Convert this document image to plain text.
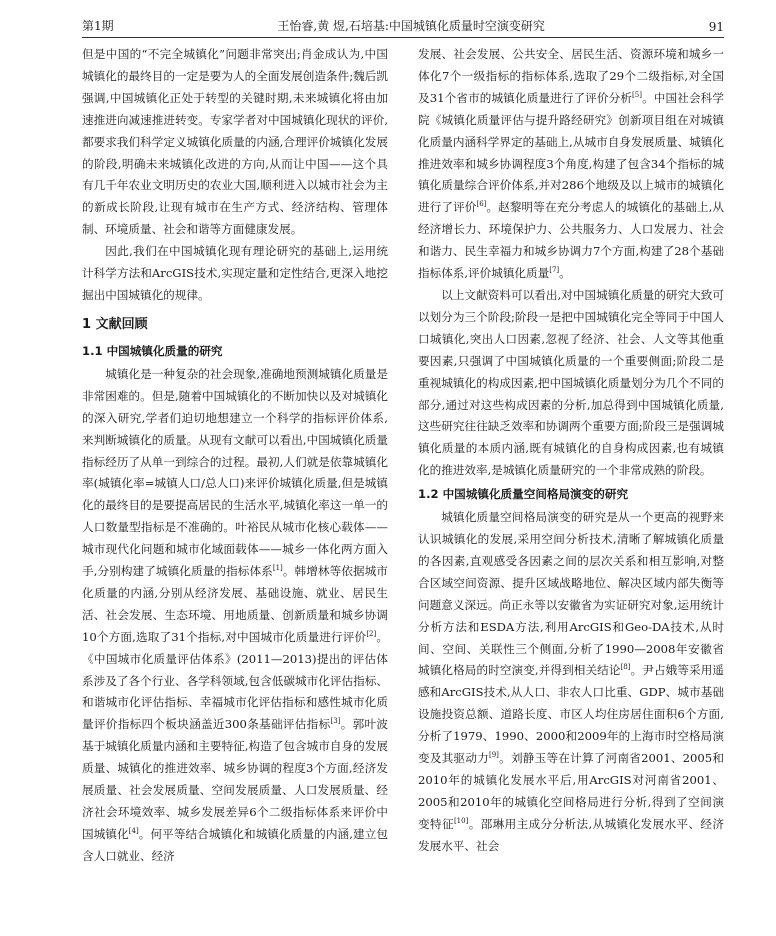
第1期	王怡睿,黄 煜,石培基:中国城镇化质量时空演变研究	91

但是中国的“不完全城镇化”问题非常突出;肖金成认为,中国城镇化的最终目的一定是要为人的全面发展创造条件;魏后凯强调,中国城镇化正处于转型的关键时期,未来城镇化将由加速推进向减速推进转变。专家学者对中国城镇化现状的评价,都要求我们科学定义城镇化质量的内涵,合理评价城镇化发展的阶段,明确未来城镇化改进的方向,从而让中国——这个具有几千年农业文明历史的农业大国,顺利进入以城市社会为主的新成长阶段,让现有城市在生产方式、经济结构、管理体制、环境质量、社会和谐等方面健康发展。

因此,我们在中国城镇化现有理论研究的基础上,运用统计科学方法和ArcGIS技术,实现定量和定性结合,更深入地挖掘出中国城镇化的规律。

1 文献回顾
1.1 中国城镇化质量的研究

城镇化是一种复杂的社会现象,准确地预测城镇化质量是非常困难的。但是,随着中国城镇化的不断加快以及对城镇化的深入研究,学者们迫切地想建立一个科学的指标评价体系,来判断城镇化的质量。从现有文献可以看出,中国城镇化质量指标经历了从单一到综合的过程。最初,人们就是依靠城镇化率(城镇化率=城镇人口/总人口)来评价城镇化质量,但是城镇化的最终目的是要提高居民的生活水平,城镇化率这一单一的人口数量型指标是不准确的。叶裕民从城市化核心载体——城市现代化问题和城市化域面载体——城乡一体化两方面入手,分别构建了城镇化质量的指标体系[1]。韩增林等依据城市化质量的内涵,分别从经济发展、基础设施、就业、居民生活、社会发展、生态环境、用地质量、创新质量和城乡协调10个方面,选取了31个指标,对中国城市化质量进行评价[2]。《中国城市化质量评估体系》(2011—2013)提出的评估体系涉及了各个行业、各学科领域,包含低碳城市化评估指标、和谐城市化评估指标、幸福城市化评估指标和感性城市化质量评价指标四个板块涵盖近300条基础评估指标[3]。郭叶波基于城镇化质量内涵和主要特征,构造了包含城市自身的发展质量、城镇化的推进效率、城乡协调的程度3个方面,经济发展质量、社会发展质量、空间发展质量、人口发展质量、经济社会环境效率、城乡发展差异6个二级指标体系来评价中国城镇化[4]。何平等结合城镇化和城镇化质量的内涵,建立包含人口就业、经济

发展、社会发展、公共安全、居民生活、资源环境和城乡一体化7个一级指标的指标体系,选取了29个二级指标,对全国及31个省市的城镇化质量进行了评价分析[5]。中国社会科学院《城镇化质量评估与提升路经研究》创新项目组在对城镇化质量内涵科学界定的基础上,从城市自身发展质量、城镇化推进效率和城乡协调程度3个角度,构建了包含34个指标的城镇化质量综合评价体系,并对286个地级及以上城市的城镇化进行了评价[6]。赵黎明等在充分考虑人的城镇化的基础上,从经济增长力、环境保护力、公共服务力、人口发展力、社会和谐力、民生幸福力和城乡协调力7个方面,构建了28个基础指标体系,评价城镇化质量[7]。

以上文献资料可以看出,对中国城镇化质量的研究大致可以划分为三个阶段;阶段一是把中国城镇化完全等同于中国人口城镇化,突出人口因素,忽视了经济、社会、人文等其他重要因素,只强调了中国城镇化质量的一个重要侧面;阶段二是重视城镇化的构成因素,把中国城镇化质量划分为几个不同的部分,通过对这些构成因素的分析,加总得到中国城镇化质量,这些研究往往缺乏效率和协调两个重要方面;阶段三是强调城镇化质量的本质内涵,既有城镇化的自身构成因素,也有城镇化的推进效率,是城镇化质量研究的一个非常成熟的阶段。

1.2 中国城镇化质量空间格局演变的研究

城镇化质量空间格局演变的研究是从一个更高的视野来认识城镇化的发展,采用空间分析技术,清晰了解城镇化质量的各因素,直观感受各因素之间的层次关系和相互影响,对整合区域空间资源、提升区域战略地位、解决区域内部失衡等问题意义深远。尚正永等以安徽省为实证研究对象,运用统计分析方法和ESDA方法,利用ArcGIS和Geo-DA技术,从时间、空间、关联性三个侧面,分析了1990—2008年安徽省城镇化格局的时空演变,并得到相关结论[8]。尹占娥等采用遥感和ArcGIS技术,从人口、非农人口比重、GDP、城市基础设施投资总额、道路长度、市区人均住房居住面积6个方面,分析了1979、1990、2000和2009年的上海市时空格局演变及其驱动力[9]。刘静玉等在计算了河南省2001、2005和2010年的城镇化发展水平后,用ArcGIS对河南省2001、2005和2010年的城镇化空间格局进行分析,得到了空间演变特征[10]。邵琳用主成分分析法,从城镇化发展水平、经济发展水平、社会
